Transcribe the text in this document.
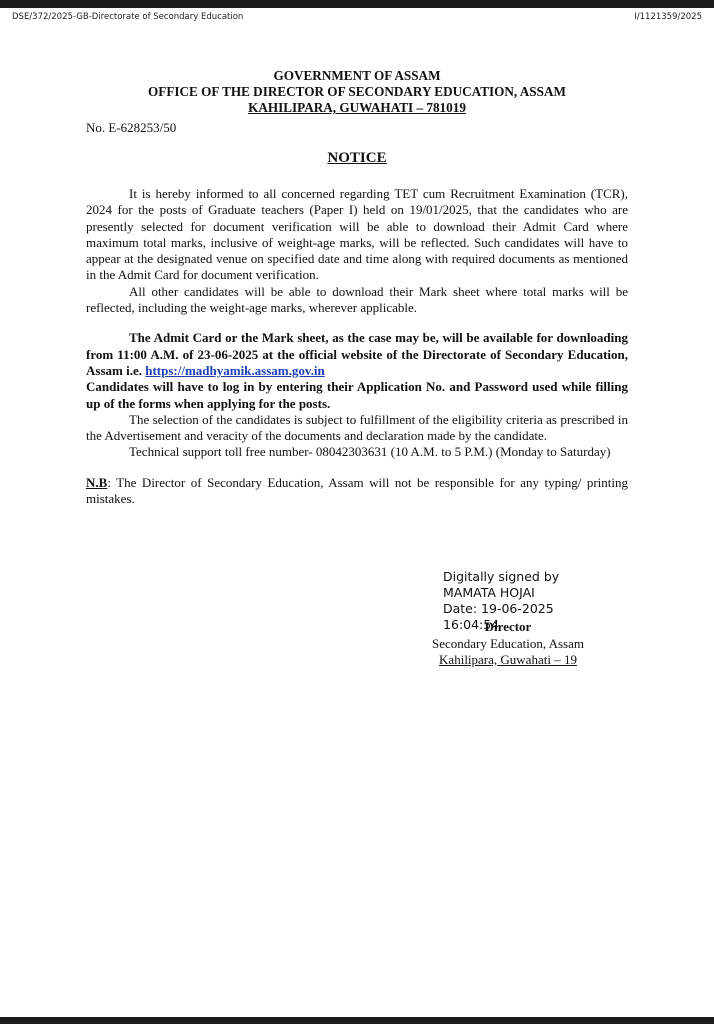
DSE/372/2025-GB-Directorate of Secondary Education	I/1121359/2025
GOVERNMENT OF ASSAM
OFFICE OF THE DIRECTOR OF SECONDARY EDUCATION, ASSAM
KAHILIPARA, GUWAHATI – 781019
No. E-628253/50
NOTICE

It is hereby informed to all concerned regarding TET cum Recruitment Examination (TCR), 2024 for the posts of Graduate teachers (Paper I) held on 19/01/2025, that the candidates who are presently selected for document verification will be able to download their Admit Card where maximum total marks, inclusive of weight-age marks, will be reflected. Such candidates will have to appear at the designated venue on specified date and time along with required documents as mentioned in the Admit Card for document verification.

All other candidates will be able to download their Mark sheet where total marks will be reflected, including the weight-age marks, wherever applicable.

The Admit Card or the Mark sheet, as the case may be, will be available for downloading from 11:00 A.M. of 23-06-2025 at the official website of the Directorate of Secondary Education, Assam i.e. https://madhyamik.assam.gov.in

Candidates will have to log in by entering their Application No. and Password used while filling up of the forms when applying for the posts.

The selection of the candidates is subject to fulfillment of the eligibility criteria as prescribed in the Advertisement and veracity of the documents and declaration made by the candidate.

Technical support toll free number- 08042303631 (10 A.M. to 5 P.M.) (Monday to Saturday)

N.B: The Director of Secondary Education, Assam will not be responsible for any typing/ printing mistakes.

Digitally signed by
MAMATA HOJAI
Date: 19-06-2025
16:04:54
Director
Secondary Education, Assam
Kahilipara, Guwahati – 19
